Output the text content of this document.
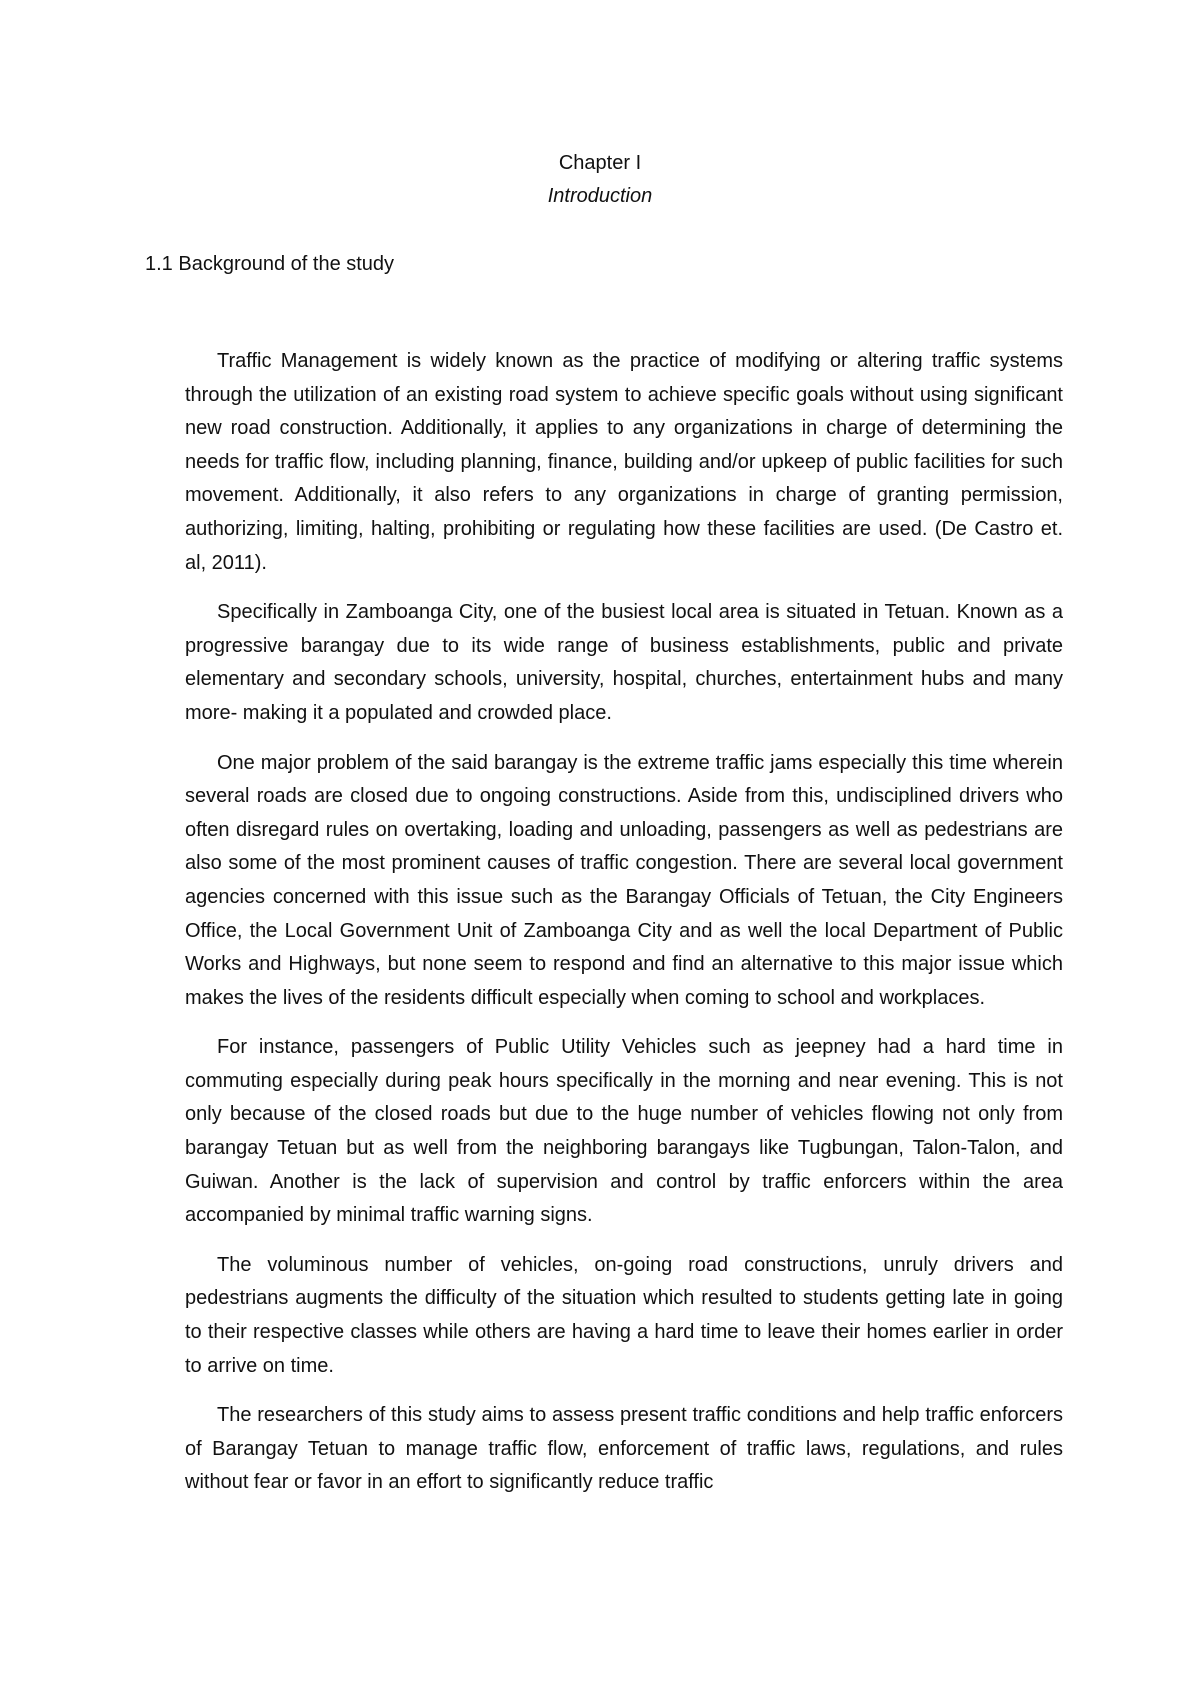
Chapter I
Introduction
1.1 Background of the study

Traffic Management is widely known as the practice of modifying or altering traffic systems through the utilization of an existing road system to achieve specific goals without using significant new road construction. Additionally, it applies to any organizations in charge of determining the needs for traffic flow, including planning, finance, building and/or upkeep of public facilities for such movement. Additionally, it also refers to any organizations in charge of granting permission, authorizing, limiting, halting, prohibiting or regulating how these facilities are used. (De Castro et. al, 2011).

Specifically in Zamboanga City, one of the busiest local area is situated in Tetuan. Known as a progressive barangay due to its wide range of business establishments, public and private elementary and secondary schools, university, hospital, churches, entertainment hubs and many more- making it a populated and crowded place.

One major problem of the said barangay is the extreme traffic jams especially this time wherein several roads are closed due to ongoing constructions. Aside from this, undisciplined drivers who often disregard rules on overtaking, loading and unloading, passengers as well as pedestrians are also some of the most prominent causes of traffic congestion. There are several local government agencies concerned with this issue such as the Barangay Officials of Tetuan, the City Engineers Office, the Local Government Unit of Zamboanga City and as well the local Department of Public Works and Highways, but none seem to respond and find an alternative to this major issue which makes the lives of the residents difficult especially when coming to school and workplaces.

For instance, passengers of Public Utility Vehicles such as jeepney had a hard time in commuting especially during peak hours specifically in the morning and near evening. This is not only because of the closed roads but due to the huge number of vehicles flowing not only from barangay Tetuan but as well from the neighboring barangays like Tugbungan, Talon-Talon, and Guiwan. Another is the lack of supervision and control by traffic enforcers within the area accompanied by minimal traffic warning signs.

The voluminous number of vehicles, on-going road constructions, unruly drivers and pedestrians augments the difficulty of the situation which resulted to students getting late in going to their respective classes while others are having a hard time to leave their homes earlier in order to arrive on time.

The researchers of this study aims to assess present traffic conditions and help traffic enforcers of Barangay Tetuan to manage traffic flow, enforcement of traffic laws, regulations, and rules without fear or favor in an effort to significantly reduce traffic
